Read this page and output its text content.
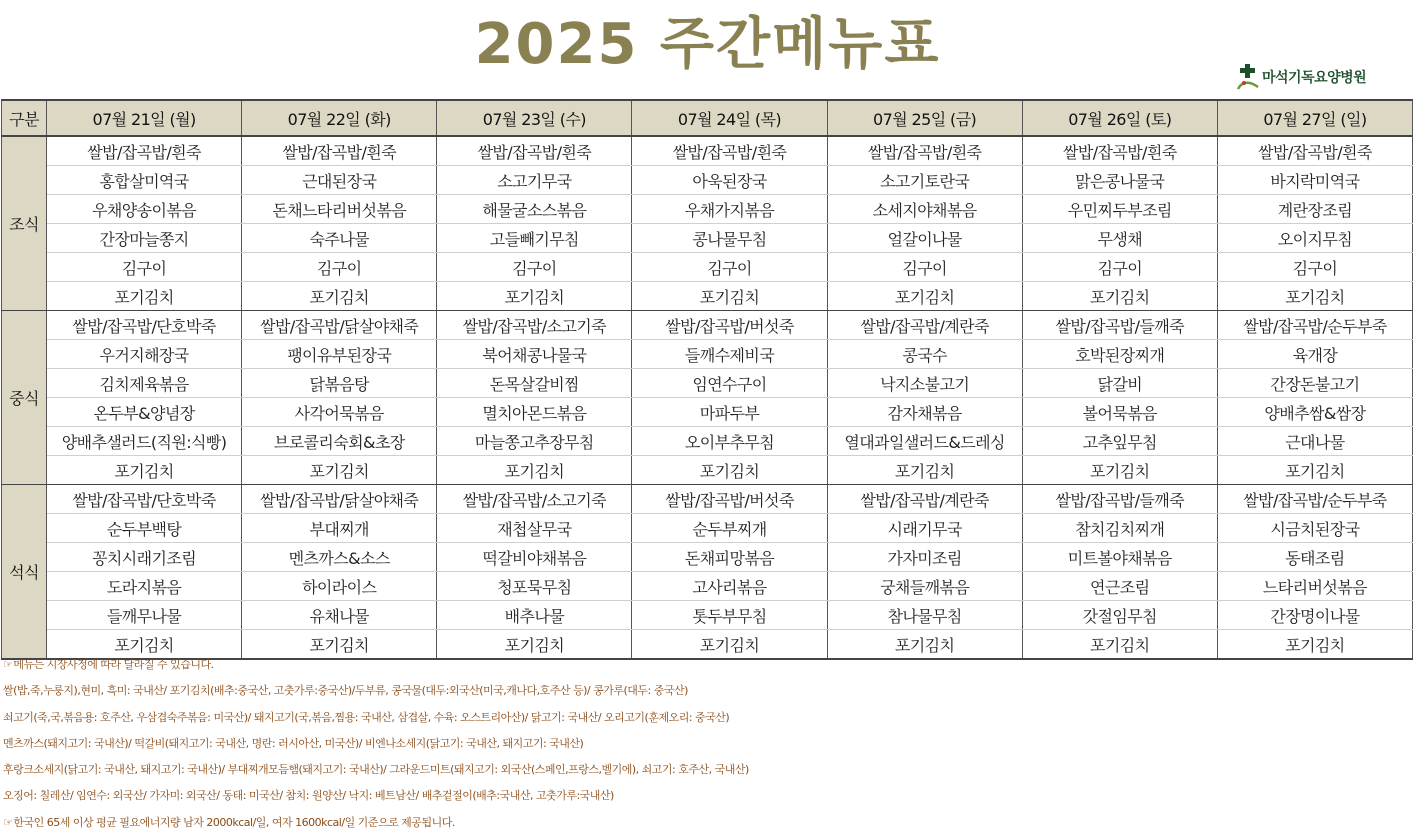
2025 주간메뉴표
마석기독요양병원
구분	07월 21일 (월)	07월 22일 (화)	07월 23일 (수)	07월 24일 (목)	07월 25일 (금)	07월 26일 (토)	07월 27일 (일)
조식	쌀밥/잡곡밥/흰죽	쌀밥/잡곡밥/흰죽	쌀밥/잡곡밥/흰죽	쌀밥/잡곡밥/흰죽	쌀밥/잡곡밥/흰죽	쌀밥/잡곡밥/흰죽	쌀밥/잡곡밥/흰죽
	홍합살미역국	근대된장국	소고기무국	아욱된장국	소고기토란국	맑은콩나물국	바지락미역국
	우채양송이볶음	돈채느타리버섯볶음	해물굴소스볶음	우채가지볶음	소세지야채볶음	우민찌두부조림	계란장조림
	간장마늘쫑지	숙주나물	고들빼기무침	콩나물무침	얼갈이나물	무생채	오이지무침
	김구이	김구이	김구이	김구이	김구이	김구이	김구이
	포기김치	포기김치	포기김치	포기김치	포기김치	포기김치	포기김치
중식	쌀밥/잡곡밥/단호박죽	쌀밥/잡곡밥/닭살야채죽	쌀밥/잡곡밥/소고기죽	쌀밥/잡곡밥/버섯죽	쌀밥/잡곡밥/계란죽	쌀밥/잡곡밥/들깨죽	쌀밥/잡곡밥/순두부죽
	우거지해장국	팽이유부된장국	북어채콩나물국	들깨수제비국	콩국수	호박된장찌개	육개장
	김치제육볶음	닭볶음탕	돈목살갈비찜	임연수구이	낙지소불고기	닭갈비	간장돈불고기
	온두부&양념장	사각어묵볶음	멸치아몬드볶음	마파두부	감자채볶음	볼어묵볶음	양배추쌈&쌈장
	양배추샐러드(직원:식빵)	브로콜리숙회&초장	마늘쫑고추장무침	오이부추무침	열대과일샐러드&드레싱	고추잎무침	근대나물
	포기김치	포기김치	포기김치	포기김치	포기김치	포기김치	포기김치
석식	쌀밥/잡곡밥/단호박죽	쌀밥/잡곡밥/닭살야채죽	쌀밥/잡곡밥/소고기죽	쌀밥/잡곡밥/버섯죽	쌀밥/잡곡밥/계란죽	쌀밥/잡곡밥/들깨죽	쌀밥/잡곡밥/순두부죽
	순두부백탕	부대찌개	재첩살무국	순두부찌개	시래기무국	참치김치찌개	시금치된장국
	꽁치시래기조림	멘츠까스&소스	떡갈비야채볶음	돈채피망볶음	가자미조림	미트볼야채볶음	동태조림
	도라지볶음	하이라이스	청포묵무침	고사리볶음	궁채들깨볶음	연근조림	느타리버섯볶음
	들깨무나물	유채나물	배추나물	톳두부무침	참나물무침	갓절임무침	간장명이나물
	포기김치	포기김치	포기김치	포기김치	포기김치	포기김치	포기김치
☞메뉴는 시장사정에 따라 달라질 수 있습니다.
쌀(밥,죽,누룽지),현미, 흑미: 국내산/ 포기김치(배추:중국산, 고춧가루:중국산)/두부류, 콩국물(대두:외국산(미국,캐나다,호주산 등)/ 콩가루(대두: 중국산)
쇠고기(죽,국,볶음용: 호주산, 우삼겹숙주볶음: 미국산)/ 돼지고기(국,볶음,찜용: 국내산, 삼겹살, 수육: 오스트리아산)/ 닭고기: 국내산/ 오리고기(훈제오리: 중국산)
멘츠까스(돼지고기: 국내산)/ 떡갈비(돼지고기: 국내산, 명란: 러시아산, 미국산)/ 비엔나소세지(닭고기: 국내산, 돼지고기: 국내산)
후랑크소세지(닭고기: 국내산, 돼지고기: 국내산)/ 부대찌개모듬햄(돼지고기: 국내산)/ 그라운드미트(돼지고기: 외국산(스페인,프랑스,벨기에), 쇠고기: 호주산, 국내산)
오징어: 칠레산/ 임연수: 외국산/ 가자미: 외국산/ 동태: 미국산/ 참치: 원양산/ 낙지: 베트남산/ 배추겉절이(배추:국내산, 고춧가루:국내산)
☞한국인 65세 이상 평균 필요에너지량 남자 2000kcal/일, 여자 1600kcal/일 기준으로 제공됩니다.
